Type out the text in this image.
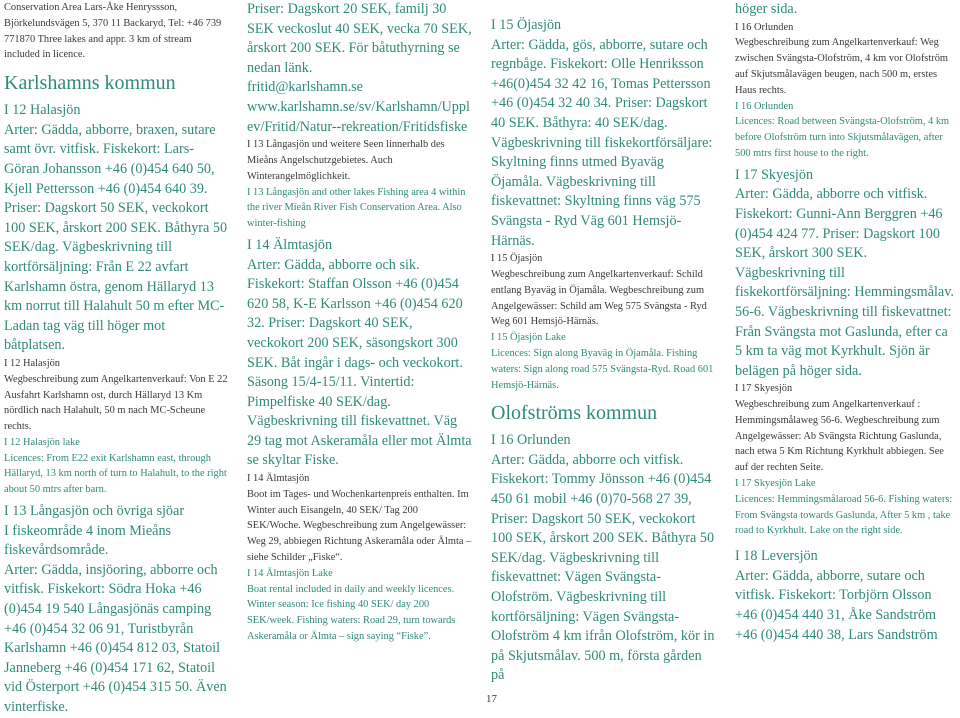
Conservation Area Lars-Åke Henryssson, Björkelundsvägen 5, 370 11 Backaryd, Tel: +46 739 771870 Three lakes and appr. 3 km of stream included in licence.

Karlshamns kommun

I 12 Halasjön

Arter: Gädda, abborre, braxen, sutare samt övr. vitfisk. Fiskekort: Lars-Göran Johansson +46 (0)454 640 50, Kjell Pettersson +46 (0)454 640 39. Priser: Dagskort 50 SEK, veckokort 100 SEK, årskort 200 SEK. Båthyra 50 SEK/dag. Vägbeskrivning till kortförsäljning: Från E 22 avfart Karlshamn östra, genom Hällaryd 13 km norrut till Halahult 50 m efter MC-Ladan tag väg till höger mot båtplatsen.

I 12 Halasjön

Wegbeschreibung zum Angelkartenverkauf: Von E 22 Ausfahrt Karlshamn ost, durch Hällaryd 13 Km nördlich nach Halahult, 50 m nach MC-Scheune rechts.

I 12 Halasjön lake

Licences: From E22 exit Karlshamn east, through Hällaryd, 13 km north of turn to Halahult, to the right about 50 mtrs after barn.

I 13 Långasjön och övriga sjöar

I fiskeområde 4 inom Mieåns fiskevårdsområde.

Arter: Gädda, insjöoring, abborre och vitfisk. Fiskekort: Södra Hoka +46 (0)454 19 540 Långasjönäs camping +46 (0)454 32 06 91, Turistbyrån Karlshamn +46 (0)454 812 03, Statoil Janneberg +46 (0)454 171 62, Statoil vid Österport +46 (0)454 315 50. Även vinterfiske.

Priser: Dagskort 20 SEK, familj 30 SEK veckoslut 40 SEK, vecka 70 SEK, årskort 200 SEK. För båtuthyrning se nedan länk.

fritid@karlshamn.se

www.karlshamn.se/sv/Karlshamn/Upplev/Fritid/Natur--rekreation/Fritidsfiske

I 13 Långasjön und weitere Seen linnerhalb des Mieåns Angelschutzgebietes. Auch Winterangelmöglichkeit.

I 13 Långasjön and other lakes Fishing area 4 within the river Mieån River Fish Conservation Area. Also winter-fishing

I 14 Älmtasjön

Arter: Gädda, abborre och sik. Fiskekort: Staffan Olsson +46 (0)454 620 58, K-E Karlsson +46 (0)454 620 32. Priser: Dagskort 40 SEK, veckokort 200 SEK, säsongskort 300 SEK. Båt ingår i dags- och veckokort. Säsong 15/4-15/11. Vintertid: Pimpelfiske 40 SEK/dag. Vägbeskrivning till fiskevattnet. Väg 29 tag mot Askeramåla eller mot Älmta se skyltar Fiske.

I 14 Älmtasjön

Boot im Tages- und Wochenkartenpreis enthalten. Im Winter auch Eisangeln, 40 SEK/ Tag 200 SEK/Woche. Wegbeschreibung zum Angelgewässer: Weg 29, abbiegen Richtung Askeramåla oder Älmta – siehe Schilder „Fiske“.

I 14 Älmtasjön Lake

Boat rental included in daily and weekly licences. Winter season: Ice fishing 40 SEK/ day 200 SEK/week. Fishing waters: Road 29, turn towards Askeramåla or Älmta – sign saying “Fiske”.

I 15 Öjasjön

Arter: Gädda, gös, abborre, sutare och regnbåge. Fiskekort: Olle Henriksson +46(0)454 32 42 16, Tomas Pettersson +46 (0)454 32 40 34. Priser: Dagskort 40 SEK. Båthyra: 40 SEK/dag. Vägbeskrivning till fiskekortförsäljare: Skyltning finns utmed Byaväg Öjamåla. Vägbeskrivning till fiskevattnet: Skyltning finns väg 575 Svängsta - Ryd Väg 601 Hemsjö-Härnäs.

I 15 Öjasjön

Wegbeschreibung zum Angelkartenverkauf: Schild entlang Byaväg in Öjamåla. Wegbeschreibung zum Angelgewässer: Schild am Weg 575 Svängsta - Ryd Weg 601 Hemsjö-Härnäs.

I 15 Öjasjön Lake

Licences: Sign along Byaväg in Öjamåla. Fishing waters: Sign along road 575 Svängsta-Ryd. Road 601 Hemsjö-Härnäs.

Olofströms kommun

I 16 Orlunden

Arter: Gädda, abborre och vitfisk. Fiskekort: Tommy Jönsson +46 (0)454 450 61 mobil +46 (0)70-568 27 39, Priser: Dagskort 50 SEK, veckokort 100 SEK, årskort 200 SEK. Båthyra 50 SEK/dag. Vägbeskrivning till fiskevattnet: Vägen Svängsta-Olofström. Vägbeskrivning till kortförsäljning: Vägen Svängsta-Olofström 4 km ifrån Olofström, kör in på Skjutsmålav. 500 m, första gården på

höger sida.

I 16 Orlunden

Wegbeschreibung zum Angelkartenverkauf: Weg zwischen Svängsta-Olofström, 4 km vor Olofström auf Skjutsmålavägen beugen, nach 500 m, erstes Haus rechts.

I 16 Orlunden

Licences: Road between Svängsta-Olofström, 4 km before Olofström turn into Skjutsmålavägen, after 500 mtrs first house to the right.

I 17 Skyesjön

Arter: Gädda, abborre och vitfisk. Fiskekort: Gunni-Ann Berggren +46 (0)454 424 77. Priser: Dagskort 100 SEK, årskort 300 SEK. Vägbeskrivning till fiskekortförsäljning: Hemmingsmålav. 56-6. Vägbeskrivning till fiskevattnet: Från Svängsta mot Gaslunda, efter ca 5 km ta väg mot Kyrkhult. Sjön är belägen på höger sida.

I 17 Skyesjön

Wegbeschreibung zum Angelkartenverkauf : Hemmingsmålaweg 56-6. Wegbeschreibung zum Angelgewässer: Ab Svängsta Richtung Gaslunda, nach etwa 5 Km Richtung Kyrkhult abbiegen. See auf der rechten Seite.

I 17 Skyesjön Lake

Licences: Hemmingsmålaroad 56-6. Fishing waters: From Svängsta towards Gaslunda, After 5 km , take road to Kyrkhult. Lake on the right side.

I 18 Leversjön

Arter: Gädda, abborre, sutare och vitfisk. Fiskekort: Torbjörn Olsson +46 (0)454 440 31, Åke Sandström +46 (0)454 440 38, Lars Sandström

17
